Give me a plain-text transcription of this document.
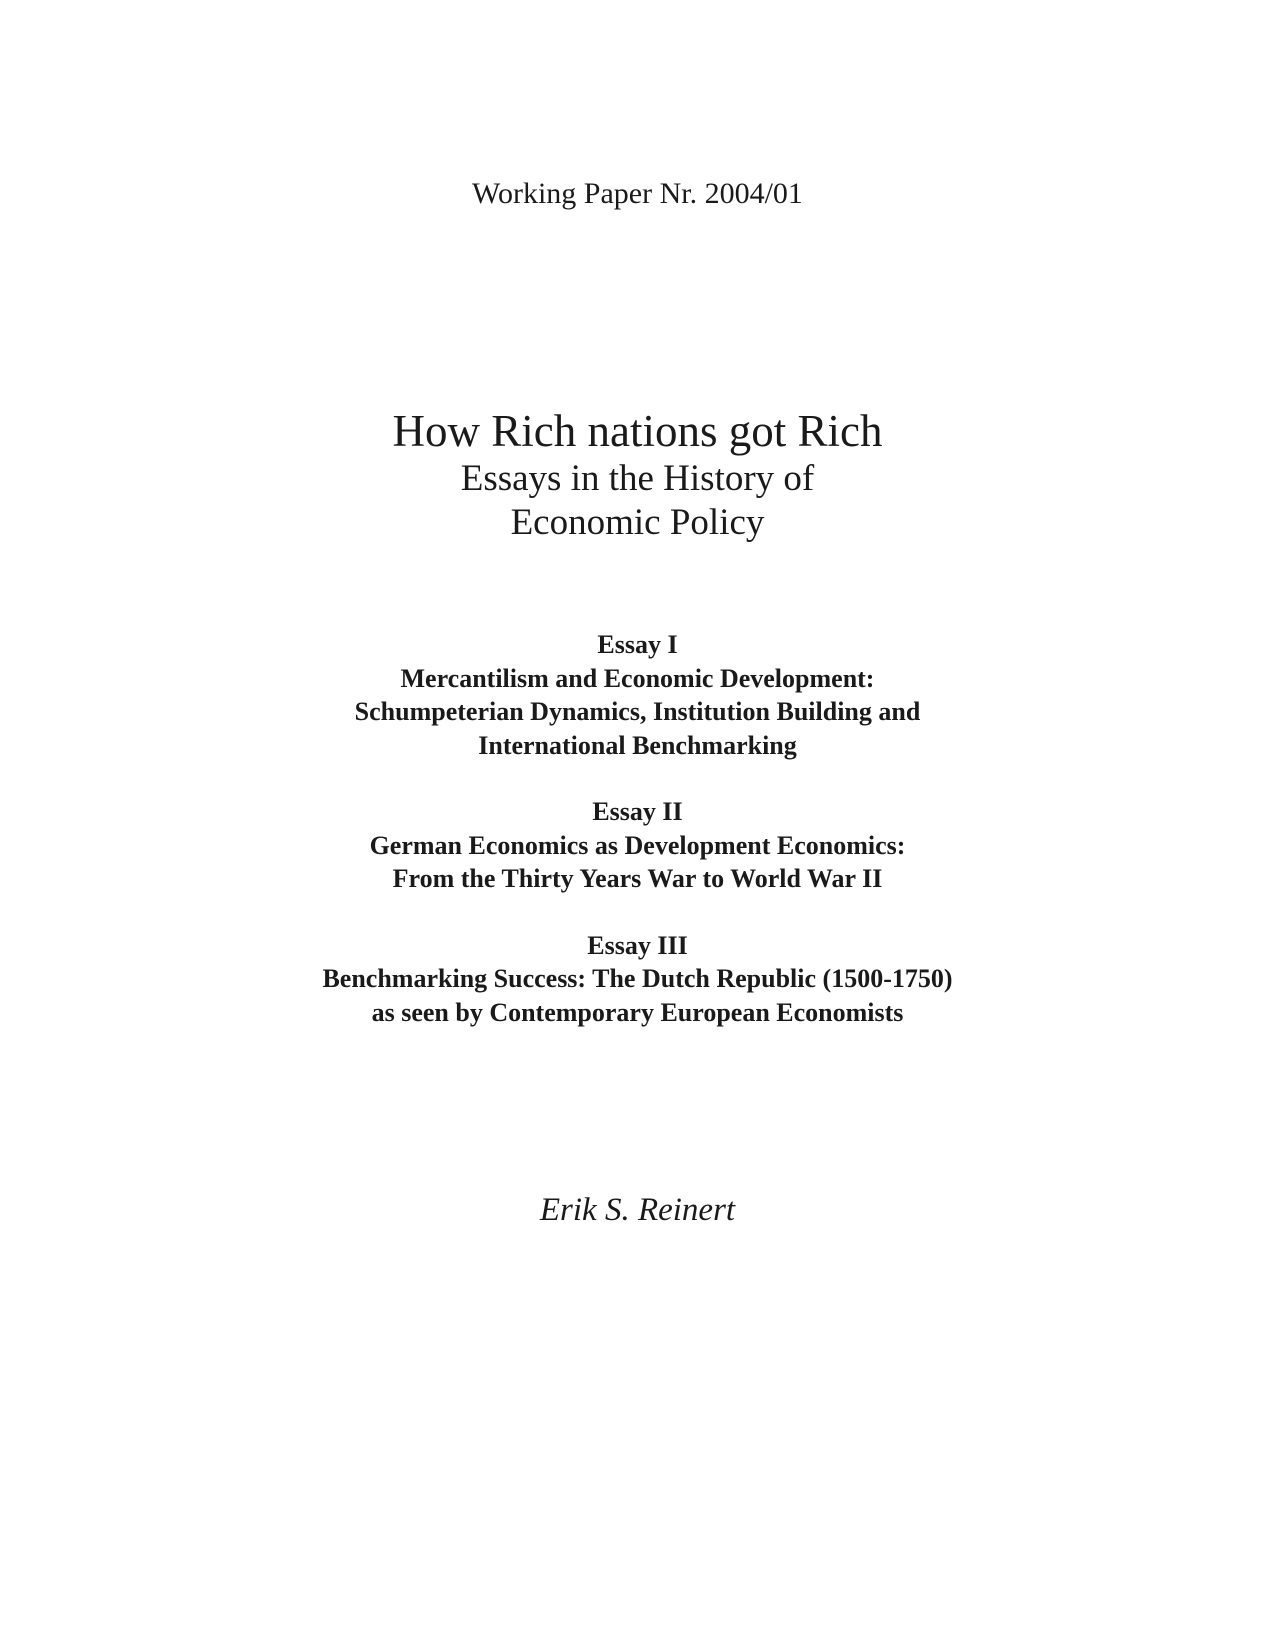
Working Paper Nr. 2004/01
How Rich nations got Rich
Essays in the History of
Economic Policy
Essay I
Mercantilism and Economic Development:
Schumpeterian Dynamics, Institution Building and
International Benchmarking
Essay II
German Economics as Development Economics:
From the Thirty Years War to World War II
Essay III
Benchmarking Success: The Dutch Republic (1500-1750)
as seen by Contemporary European Economists
Erik S. Reinert
